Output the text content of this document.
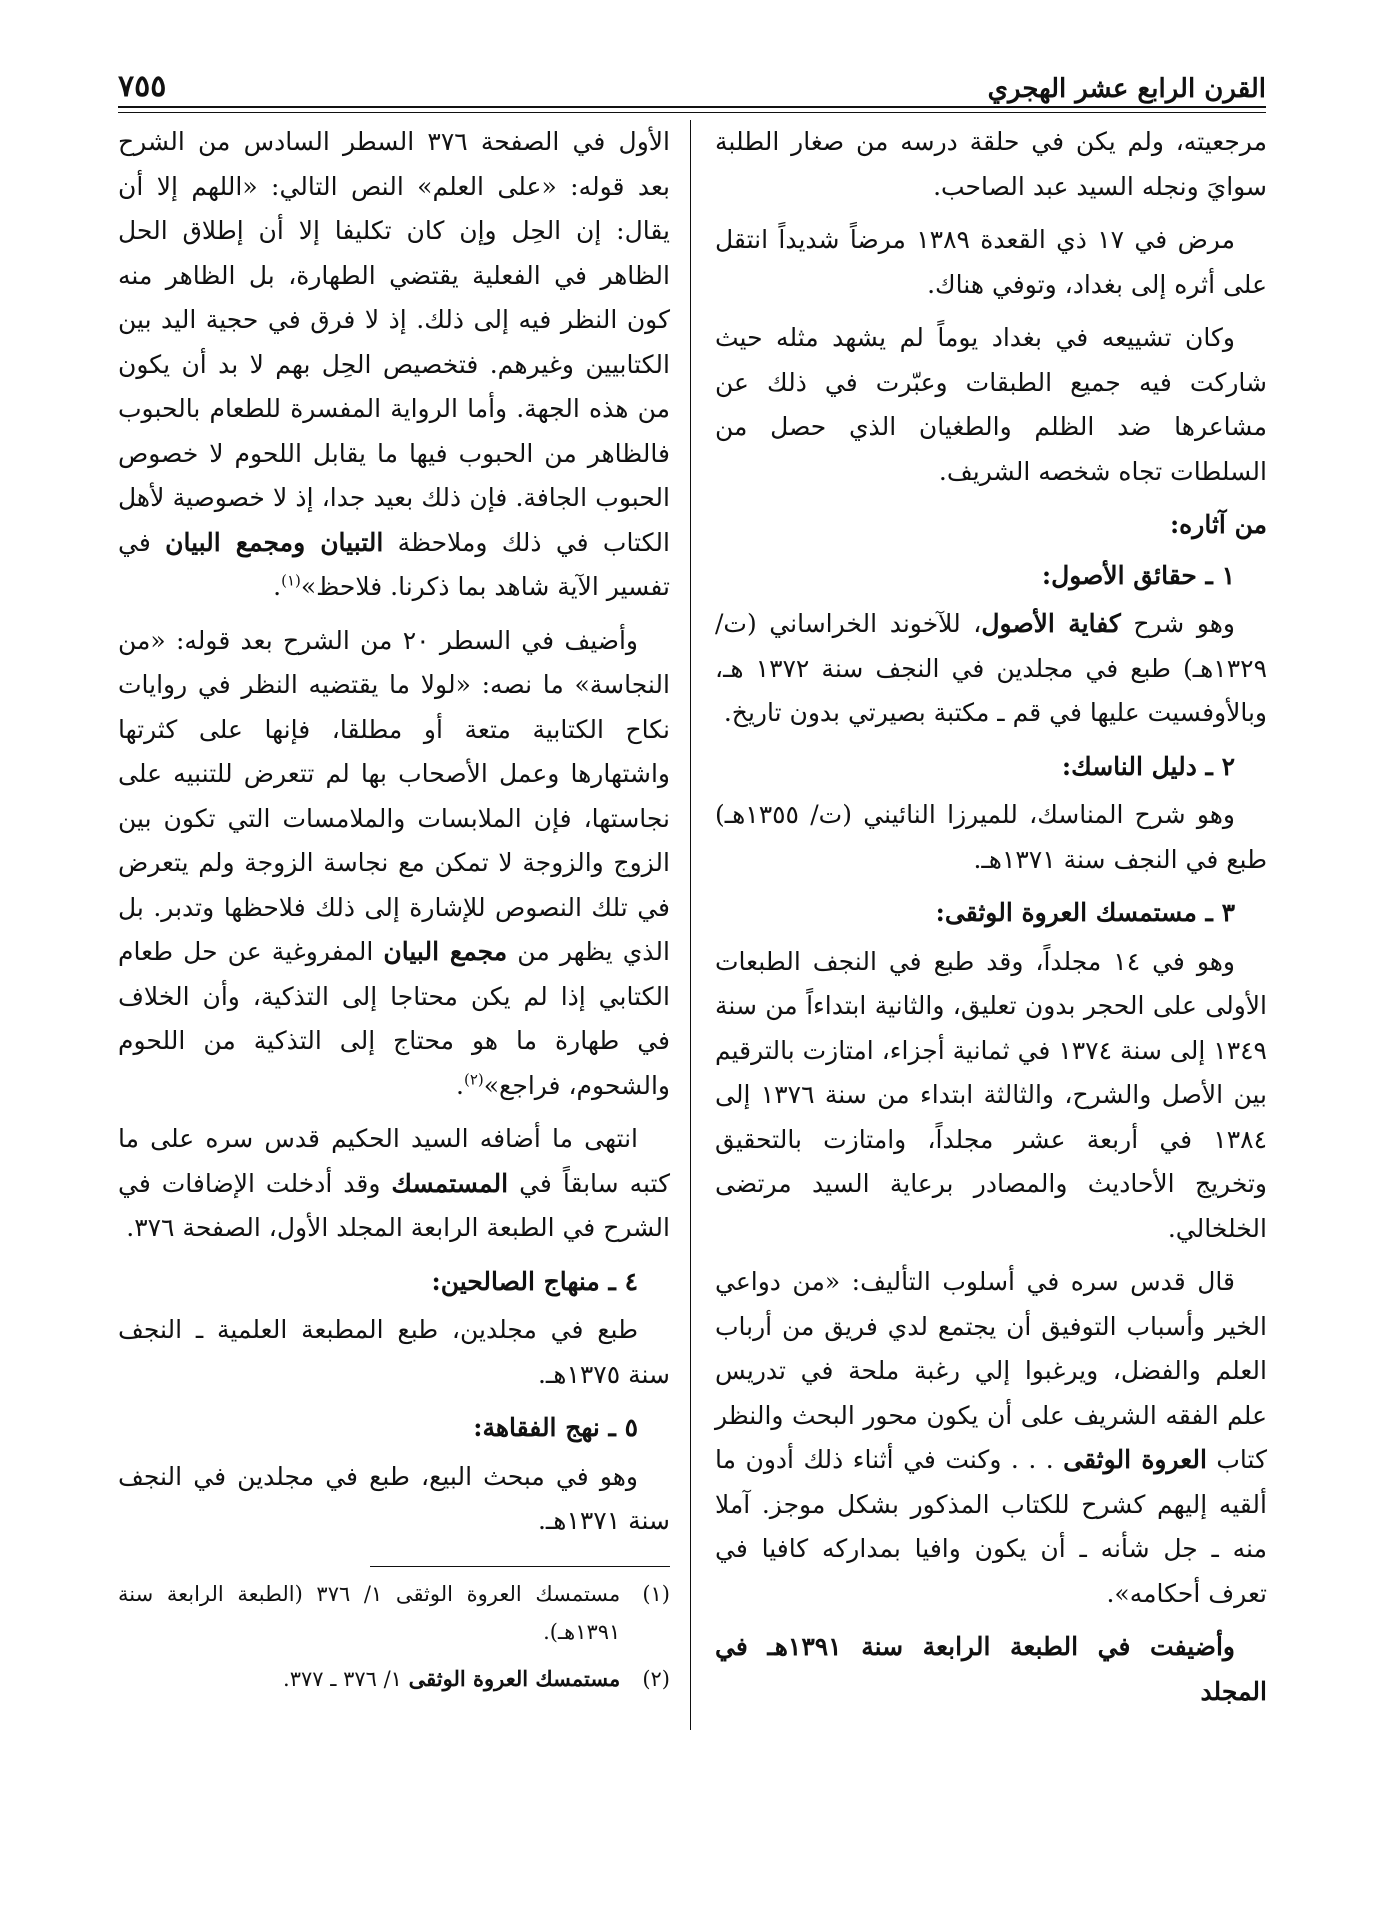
القرن الرابع عشر الهجري
٧٥٥

مرجعيته، ولم يكن في حلقة درسه من صغار الطلبة سوايَ ونجله السيد عبد الصاحب.

مرض في ١٧ ذي القعدة ١٣٨٩ مرضاً شديداً انتقل على أثره إلى بغداد، وتوفي هناك.

وكان تشييعه في بغداد يوماً لم يشهد مثله حيث شاركت فيه جميع الطبقات وعبّرت في ذلك عن مشاعرها ضد الظلم والطغيان الذي حصل من السلطات تجاه شخصه الشريف.

من آثاره:
١ ـ حقائق الأصول:

وهو شرح كفاية الأصول، للآخوند الخراساني (ت/ ١٣٢٩هـ) طبع في مجلدين في النجف سنة ١٣٧٢ هـ، وبالأوفسيت عليها في قم ـ مكتبة بصيرتي بدون تاريخ.

٢ ـ دليل الناسك:

وهو شرح المناسك، للميرزا النائيني (ت/ ١٣٥٥هـ) طبع في النجف سنة ١٣٧١هـ.

٣ ـ مستمسك العروة الوثقى:

وهو في ١٤ مجلداً، وقد طبع في النجف الطبعات الأولى على الحجر بدون تعليق، والثانية ابتداءاً من سنة ١٣٤٩ إلى سنة ١٣٧٤ في ثمانية أجزاء، امتازت بالترقيم بين الأصل والشرح، والثالثة ابتداء من سنة ١٣٧٦ إلى ١٣٨٤ في أربعة عشر مجلداً، وامتازت بالتحقيق وتخريج الأحاديث والمصادر برعاية السيد مرتضى الخلخالي.

قال قدس سره في أسلوب التأليف: «من دواعي الخير وأسباب التوفيق أن يجتمع لدي فريق من أرباب العلم والفضل، ويرغبوا إلي رغبة ملحة في تدريس علم الفقه الشريف على أن يكون محور البحث والنظر كتاب العروة الوثقى . . . وكنت في أثناء ذلك أدون ما ألقيه إليهم كشرح للكتاب المذكور بشكل موجز. آملا منه ـ جل شأنه ـ أن يكون وافيا بمداركه كافيا في تعرف أحكامه».

وأضيفت في الطبعة الرابعة سنة ١٣٩١هـ في المجلد

الأول في الصفحة ٣٧٦ السطر السادس من الشرح بعد قوله: «على العلم» النص التالي: «اللهم إلا أن يقال: إن الحِل وإن كان تكليفا إلا أن إطلاق الحل الظاهر في الفعلية يقتضي الطهارة، بل الظاهر منه كون النظر فيه إلى ذلك. إذ لا فرق في حجية اليد بين الكتابيين وغيرهم. فتخصيص الحِل بهم لا بد أن يكون من هذه الجهة. وأما الرواية المفسرة للطعام بالحبوب فالظاهر من الحبوب فيها ما يقابل اللحوم لا خصوص الحبوب الجافة. فإن ذلك بعيد جدا، إذ لا خصوصية لأهل الكتاب في ذلك وملاحظة التبيان ومجمع البيان في تفسير الآية شاهد بما ذكرنا. فلاحظ»$^{(١)}$.

وأضيف في السطر ٢٠ من الشرح بعد قوله: «من النجاسة» ما نصه: «لولا ما يقتضيه النظر في روايات نكاح الكتابية متعة أو مطلقا، فإنها على كثرتها واشتهارها وعمل الأصحاب بها لم تتعرض للتنبيه على نجاستها، فإن الملابسات والملامسات التي تكون بين الزوج والزوجة لا تمكن مع نجاسة الزوجة ولم يتعرض في تلك النصوص للإشارة إلى ذلك فلاحظها وتدبر. بل الذي يظهر من مجمع البيان المفروغية عن حل طعام الكتابي إذا لم يكن محتاجا إلى التذكية، وأن الخلاف في طهارة ما هو محتاج إلى التذكية من اللحوم والشحوم، فراجع»$^{(٢)}$.

انتهى ما أضافه السيد الحكيم قدس سره على ما كتبه سابقاً في المستمسك وقد أدخلت الإضافات في الشرح في الطبعة الرابعة المجلد الأول، الصفحة ٣٧٦.

٤ ـ منهاج الصالحين:

طبع في مجلدين، طبع المطبعة العلمية ـ النجف سنة ١٣٧٥هـ.

٥ ـ نهج الفقاهة:

وهو في مبحث البيع، طبع في مجلدين في النجف سنة ١٣٧١هـ.

(١)
مستمسك العروة الوثقى ١/ ٣٧٦ (الطبعة الرابعة سنة ١٣٩١هـ).

(٢)
مستمسك العروة الوثقى ١/ ٣٧٦ ـ ٣٧٧.
